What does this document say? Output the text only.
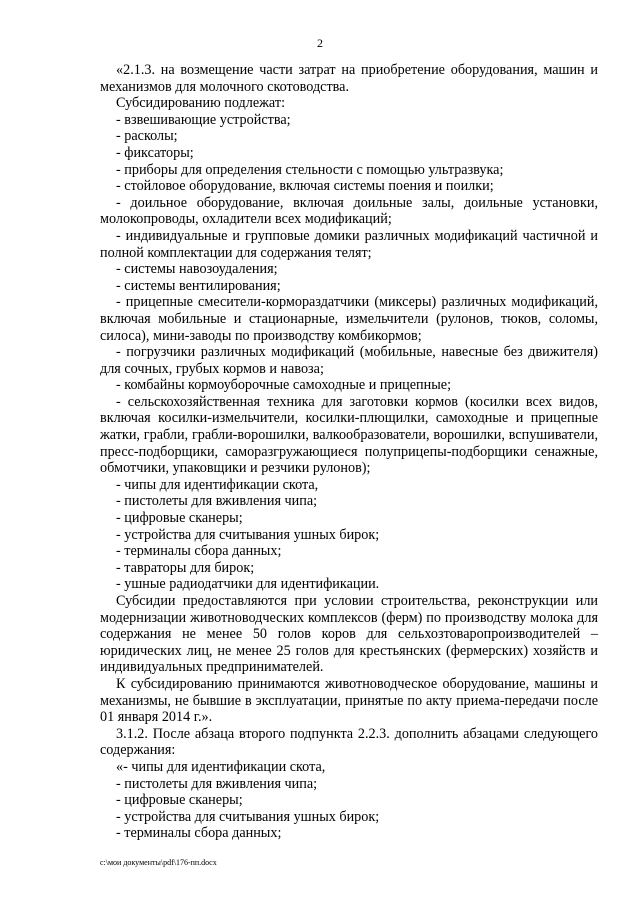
2

«2.1.3. на возмещение части затрат на приобретение оборудования, машин и механизмов для молочного скотоводства.

Субсидированию подлежат:

- взвешивающие устройства;

- расколы;

- фиксаторы;

- приборы для определения стельности с помощью ультразвука;

- стойловое оборудование, включая системы поения и поилки;

- доильное оборудование, включая доильные залы, доильные установки, молокопроводы, охладители всех модификаций;

- индивидуальные и групповые домики различных модификаций частичной и полной комплектации для содержания телят;

- системы навозоудаления;

- системы вентилирования;

- прицепные смесители-кормораздатчики (миксеры) различных модификаций, включая мобильные и стационарные, измельчители (рулонов, тюков, соломы, силоса), мини-заводы по производству комбикормов;

- погрузчики различных модификаций (мобильные, навесные без движителя) для сочных, грубых кормов и навоза;

- комбайны кормоуборочные самоходные и прицепные;

- сельскохозяйственная техника для заготовки кормов (косилки всех видов, включая косилки-измельчители, косилки-плющилки, самоходные и прицепные жатки, грабли, грабли-ворошилки, валкообразователи, ворошилки, вспушиватели, пресс-подборщики, саморазгружающиеся полуприцепы-подборщики сенажные, обмотчики, упаковщики и резчики рулонов);

- чипы для идентификации скота,

- пистолеты для вживления чипа;

- цифровые сканеры;

- устройства для считывания ушных бирок;

- терминалы сбора данных;

- тавраторы для бирок;

- ушные радиодатчики для идентификации.

Субсидии предоставляются при условии строительства, реконструкции или модернизации животноводческих комплексов (ферм) по производству молока для содержания не менее 50 голов коров для сельхозтоваропроизводителей – юридических лиц, не менее 25 голов для крестьянских (фермерских) хозяйств и индивидуальных предпринимателей.

К субсидированию принимаются животноводческое оборудование, машины и механизмы, не бывшие в эксплуатации, принятые по акту приема-передачи после 01 января 2014 г.».

3.1.2. После абзаца второго подпункта 2.2.3. дополнить абзацами следующего содержания:

«- чипы для идентификации скота,

- пистолеты для вживления чипа;

- цифровые сканеры;

- устройства для считывания ушных бирок;

- терминалы сбора данных;

c:\мои документы\pdf\176-пп.docx
